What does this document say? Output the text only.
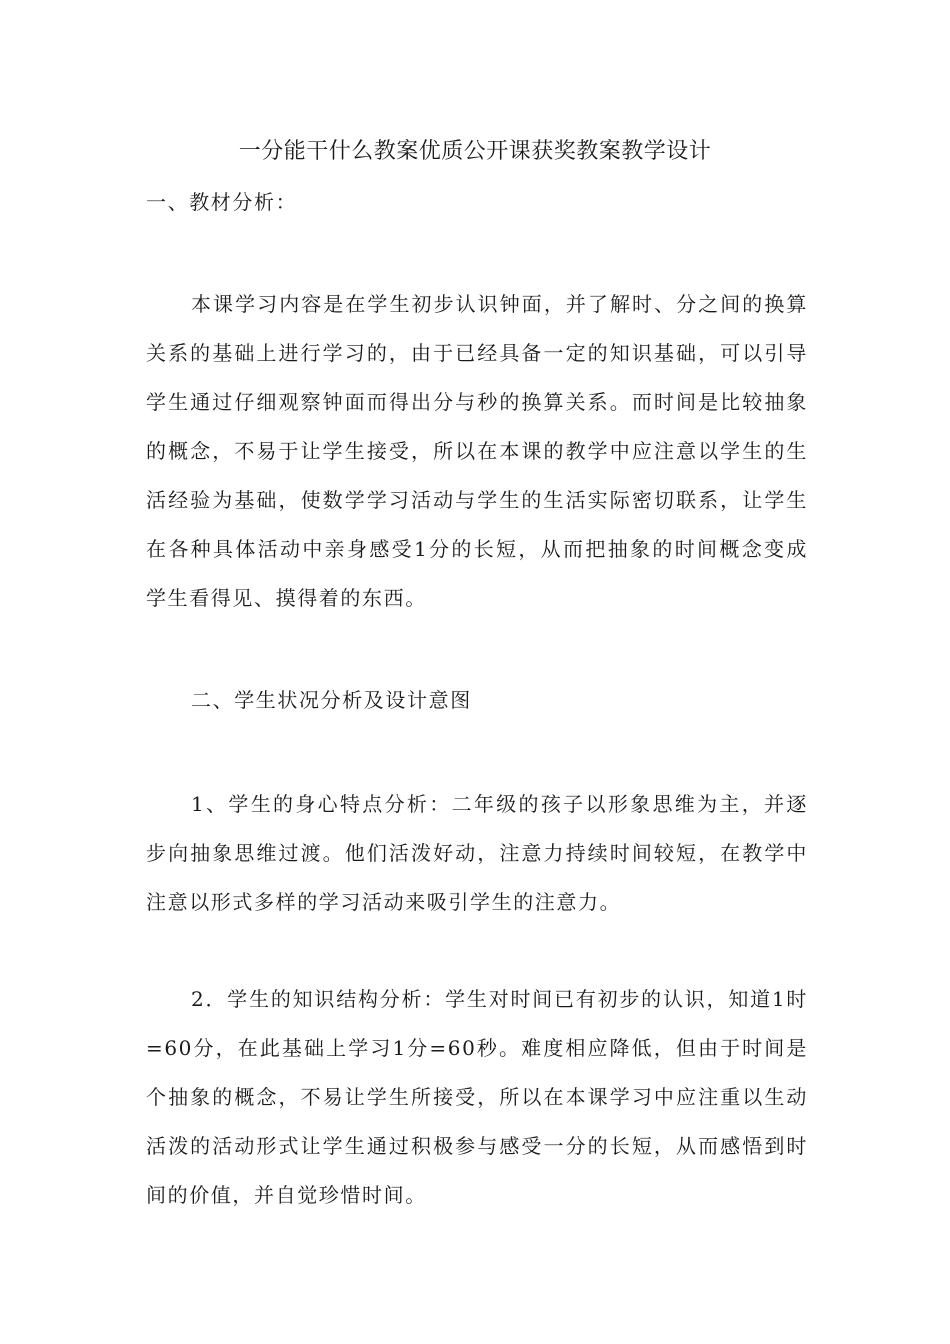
一分能干什么教案优质公开课获奖教案教学设计
一、教材分析：

本课学习内容是在学生初步认识钟面，并了解时、分之间的换算关系的基础上进行学习的，由于已经具备一定的知识基础，可以引导学生通过仔细观察钟面而得出分与秒的换算关系。而时间是比较抽象的概念，不易于让学生接受，所以在本课的教学中应注意以学生的生活经验为基础，使数学学习活动与学生的生活实际密切联系，让学生在各种具体活动中亲身感受1分的长短，从而把抽象的时间概念变成学生看得见、摸得着的东西。

二、学生状况分析及设计意图

1、学生的身心特点分析：二年级的孩子以形象思维为主，并逐步向抽象思维过渡。他们活泼好动，注意力持续时间较短，在教学中注意以形式多样的学习活动来吸引学生的注意力。

2．学生的知识结构分析：学生对时间已有初步的认识，知道1时=60分，在此基础上学习1分=60秒。难度相应降低，但由于时间是个抽象的概念，不易让学生所接受，所以在本课学习中应注重以生动活泼的活动形式让学生通过积极参与感受一分的长短，从而感悟到时间的价值，并自觉珍惜时间。
